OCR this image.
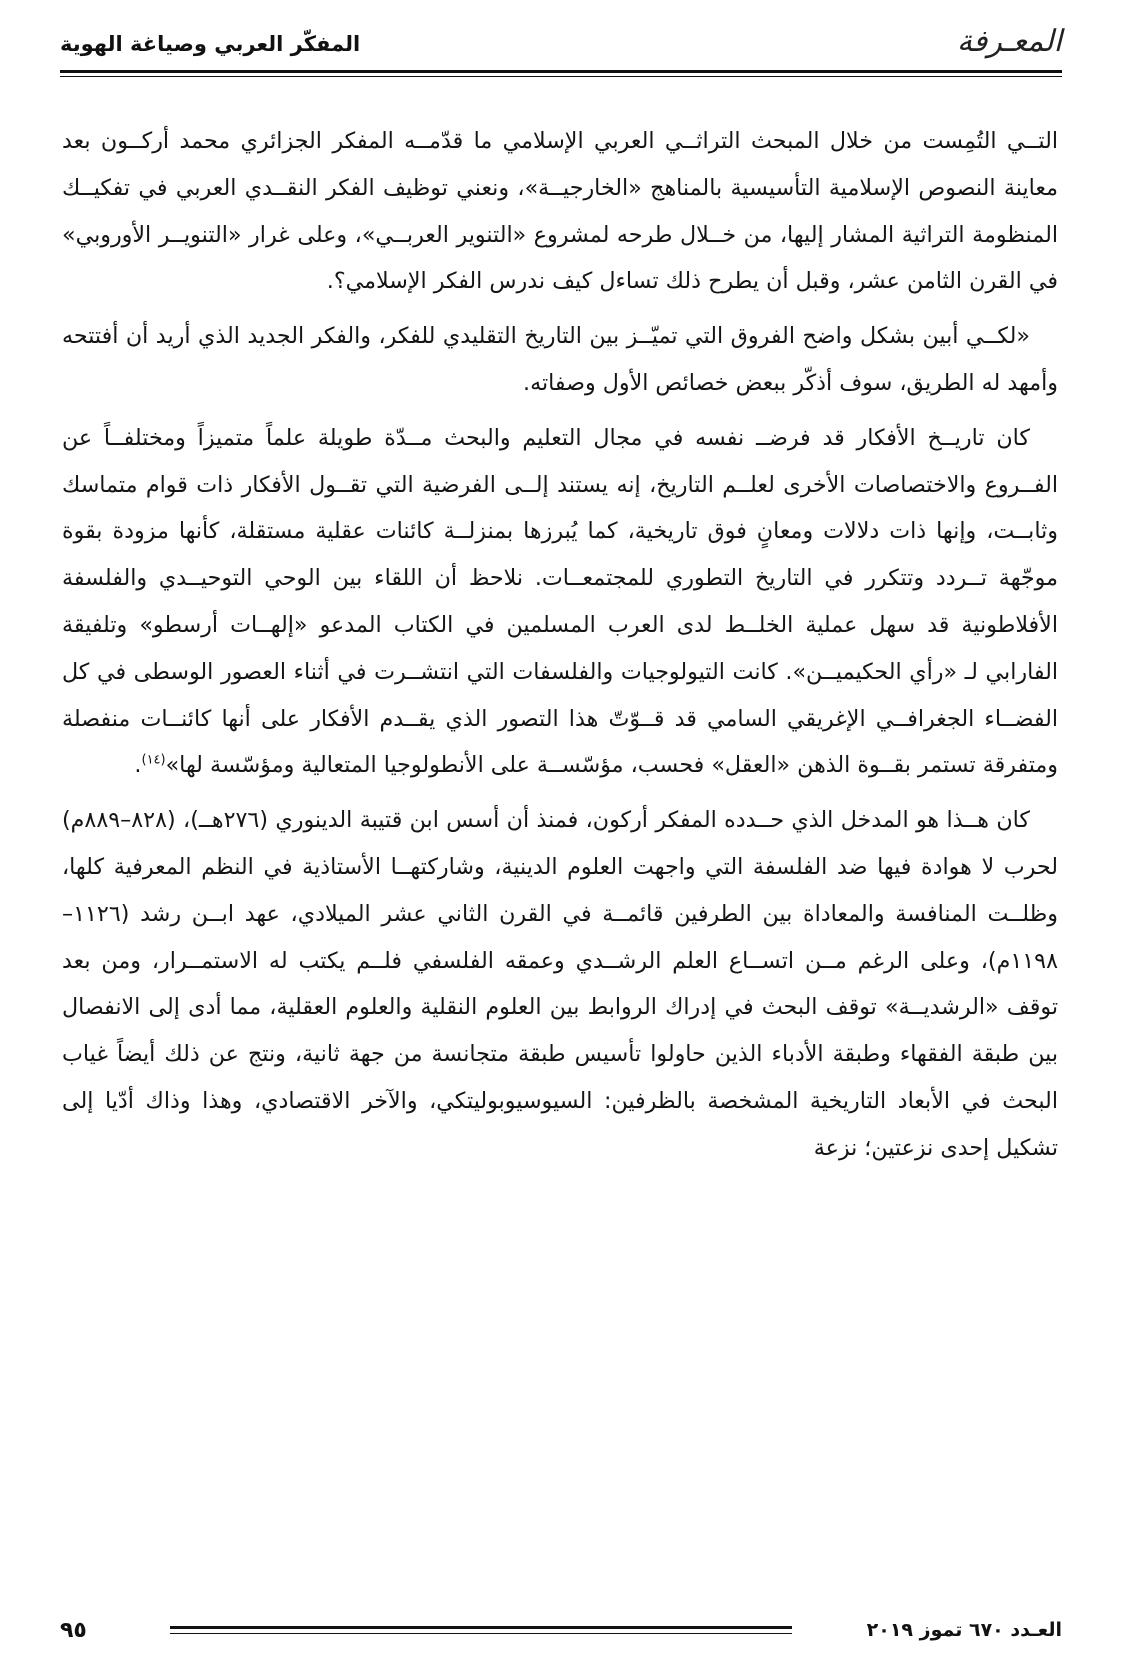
المعـرفة
المفكّر العربي وصياغة الهوية

التــي التُمِست من خلال المبحث التراثــي العربي الإسلامي ما قدّمــه المفكر الجزائري محمد أركــون بعد معاينة النصوص الإسلامية التأسيسية بالمناهج «الخارجيــة»، ونعني توظيف الفكر النقــدي العربي في تفكيــك المنظومة التراثية المشار إليها، من خــلال طرحه لمشروع «التنوير العربــي»، وعلى غرار «التنويــر الأوروبي» في القرن الثامن عشر، وقبل أن يطرح ذلك تساءل كيف ندرس الفكر الإسلامي؟.

«لكــي أبين بشكل واضح الفروق التي تميّــز بين التاريخ التقليدي للفكر، والفكر الجديد الذي أريد أن أفتتحه وأمهد له الطريق، سوف أذكّر ببعض خصائص الأول وصفاته.

كان تاريــخ الأفكار قد فرضــ نفسه في مجال التعليم والبحث مــدّة طويلة علماً متميزاً ومختلفــاً عن الفــروع والاختصاصات الأخرى لعلــم التاريخ، إنه يستند إلــى الفرضية التي تقــول الأفكار ذات قوام متماسك وثابــت، وإنها ذات دلالات ومعانٍ فوق تاريخية، كما يُبرزها بمنزلــة كائنات عقلية مستقلة، كأنها مزودة بقوة موجّهة تــردد وتتكرر في التاريخ التطوري للمجتمعــات. نلاحظ أن اللقاء بين الوحي التوحيــدي والفلسفة الأفلاطونية قد سهل عملية الخلــط لدى العرب المسلمين في الكتاب المدعو «إلهــات أرسطو» وتلفيقة الفارابي لـ «رأي الحكيميــن». كانت التيولوجيات والفلسفات التي انتشــرت في أثناء العصور الوسطى في كل الفضــاء الجغرافــي الإغريقي السامي قد قــوّتّ هذا التصور الذي يقــدم الأفكار على أنها كائنــات منفصلة ومتفرقة تستمر بقــوة الذهن «العقل» فحسب، مؤسّســة على الأنطولوجيا المتعالية ومؤسّسة لها»$^{(١٤)}$.

كان هــذا هو المدخل الذي حــدده المفكر أركون، فمنذ أن أسس ابن قتيبة الدينوري (٢٧٦هــ)، (٨٢٨–٨٨٩م) لحرب لا هوادة فيها ضد الفلسفة التي واجهت العلوم الدينية، وشاركتهــا الأستاذية في النظم المعرفية كلها، وظلــت المنافسة والمعاداة بين الطرفين قائمــة في القرن الثاني عشر الميلادي، عهد ابــن رشد (١١٢٦– ١١٩٨م)، وعلى الرغم مــن اتســاع العلم الرشــدي وعمقه الفلسفي فلــم يكتب له الاستمــرار، ومن بعد توقف «الرشديــة» توقف البحث في إدراك الروابط بين العلوم النقلية والعلوم العقلية، مما أدى إلى الانفصال بين طبقة الفقهاء وطبقة الأدباء الذين حاولوا تأسيس طبقة متجانسة من جهة ثانية، ونتج عن ذلك أيضاً غياب البحث في الأبعاد التاريخية المشخصة بالظرفين: السيوسيوبوليتكي، والآخر الاقتصادي، وهذا وذاك أدّيا إلى تشكيل إحدى نزعتين؛ نزعة

٩٥	العـدد ٦٧٠ تموز ٢٠١٩
